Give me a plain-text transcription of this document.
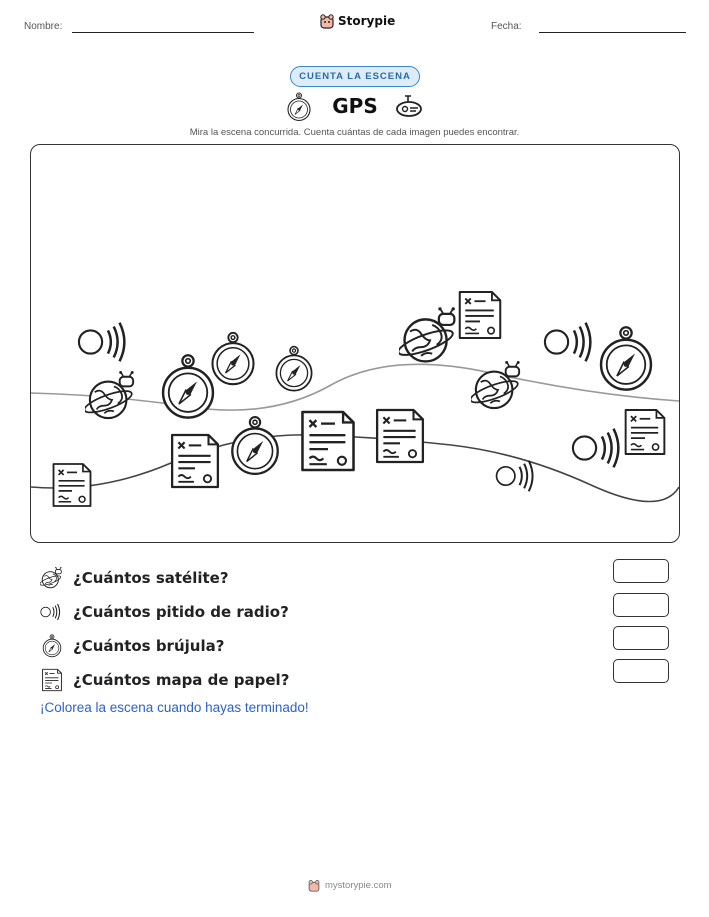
Nombre:	Fecha:
Storypie
CUENTA LA ESCENA
GPS
Mira la escena concurrida. Cuenta cuántas de cada imagen puedes encontrar.
¿Cuántos satélite?
¿Cuántos pitido de radio?
¿Cuántos brújula?
¿Cuántos mapa de papel?
¡Colorea la escena cuando hayas terminado!
mystorypie.com
